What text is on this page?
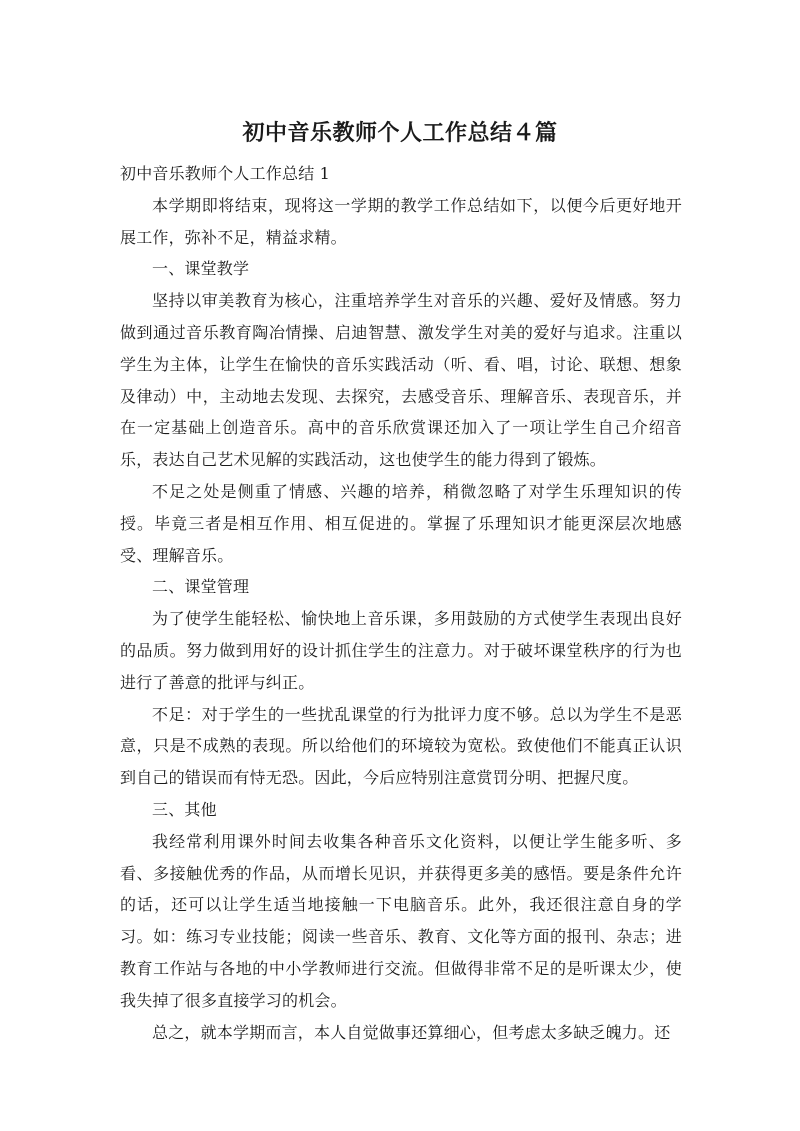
初中音乐教师个人工作总结４篇

初中音乐教师个人工作总结 1

本学期即将结束，现将这一学期的教学工作总结如下，以便今后更好地开展工作，弥补不足，精益求精。

一、课堂教学

坚持以审美教育为核心，注重培养学生对音乐的兴趣、爱好及情感。努力做到通过音乐教育陶冶情操、启迪智慧、激发学生对美的爱好与追求。注重以学生为主体，让学生在愉快的音乐实践活动（听、看、唱，讨论、联想、想象及律动）中，主动地去发现、去探究，去感受音乐、理解音乐、表现音乐，并在一定基础上创造音乐。高中的音乐欣赏课还加入了一项让学生自己介绍音乐，表达自己艺术见解的实践活动，这也使学生的能力得到了锻炼。

不足之处是侧重了情感、兴趣的培养，稍微忽略了对学生乐理知识的传授。毕竟三者是相互作用、相互促进的。掌握了乐理知识才能更深层次地感受、理解音乐。

二、课堂管理

为了使学生能轻松、愉快地上音乐课，多用鼓励的方式使学生表现出良好的品质。努力做到用好的设计抓住学生的注意力。对于破坏课堂秩序的行为也进行了善意的批评与纠正。

不足：对于学生的一些扰乱课堂的行为批评力度不够。总以为学生不是恶意，只是不成熟的表现。所以给他们的环境较为宽松。致使他们不能真正认识到自己的错误而有恃无恐。因此，今后应特别注意赏罚分明、把握尺度。

三、其他

我经常利用课外时间去收集各种音乐文化资料，以便让学生能多听、多看、多接触优秀的作品，从而增长见识，并获得更多美的感悟。要是条件允许的话，还可以让学生适当地接触一下电脑音乐。此外，我还很注意自身的学习。如：练习专业技能；阅读一些音乐、教育、文化等方面的报刊、杂志；进教育工作站与各地的中小学教师进行交流。但做得非常不足的是听课太少，使我失掉了很多直接学习的机会。

总之，就本学期而言，本人自觉做事还算细心，但考虑太多缺乏魄力。还
